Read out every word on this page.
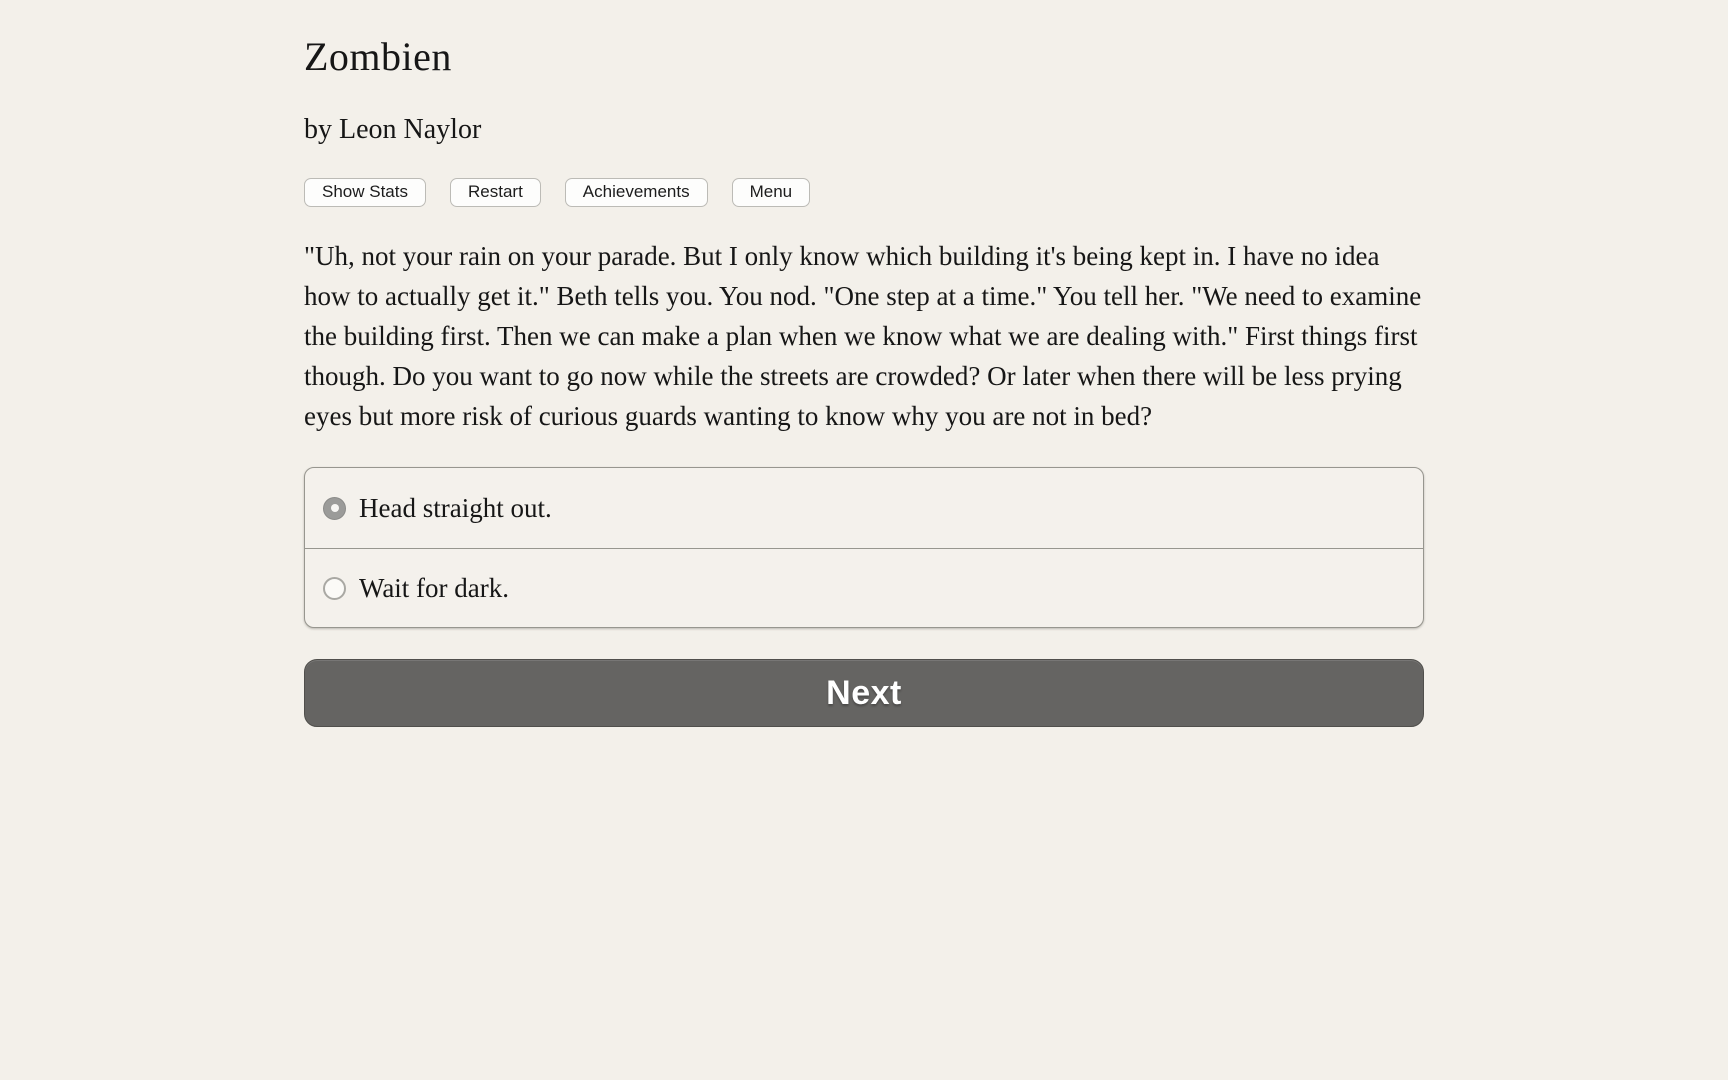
Zombien
by Leon Naylor
Show Stats	Restart	Achievements	Menu

"Uh, not your rain on your parade. But I only know which building it's being kept in. I have no idea how to actually get it." Beth tells you. You nod. "One step at a time." You tell her. "We need to examine the building first. Then we can make a plan when we know what we are dealing with." First things first though. Do you want to go now while the streets are crowded? Or later when there will be less prying eyes but more risk of curious guards wanting to know why you are not in bed?

Head straight out.
Wait for dark.
Next
